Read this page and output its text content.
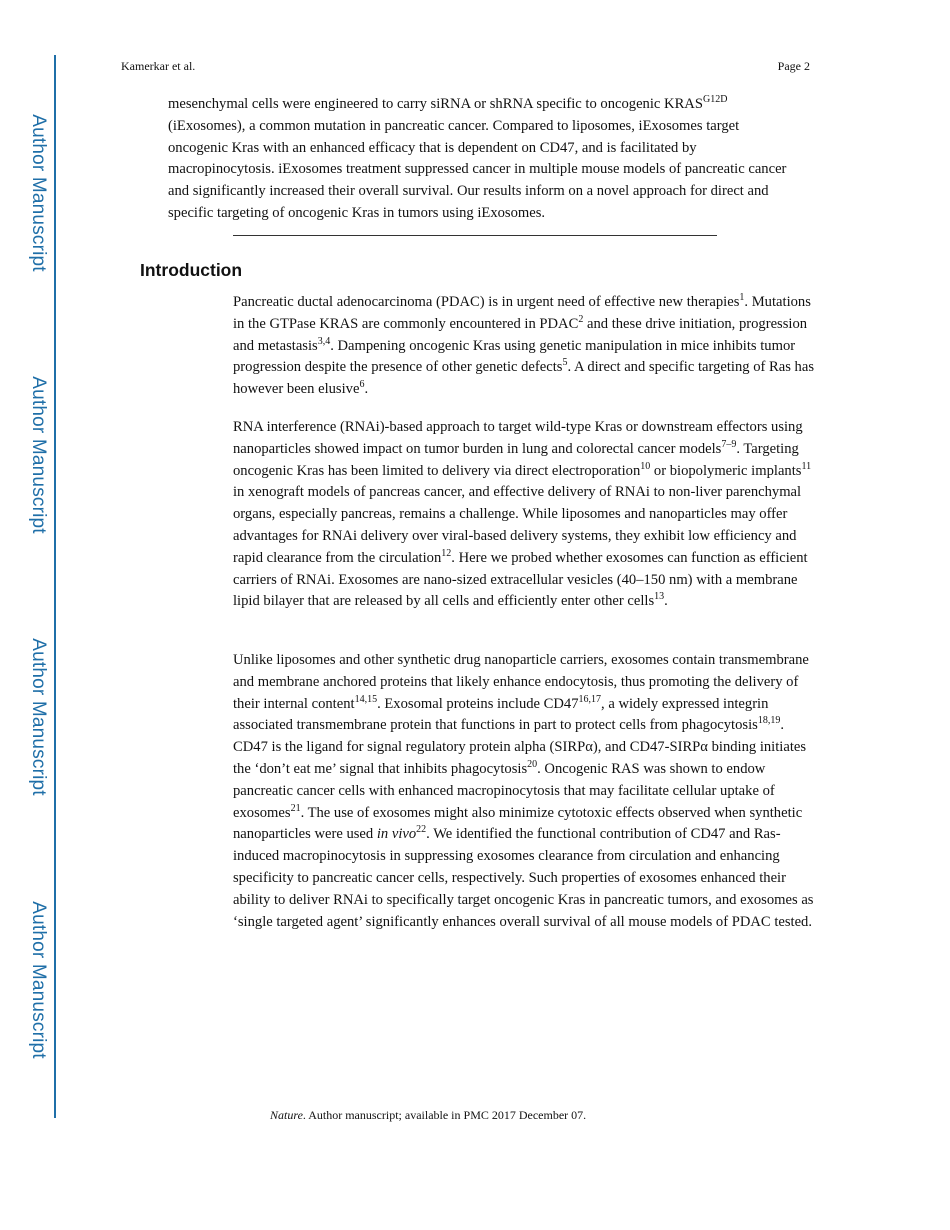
Author Manuscript
Author Manuscript
Author Manuscript
Author Manuscript
Kamerkar et al.	Page 2

mesenchymal cells were engineered to carry siRNA or shRNA specific to oncogenic $KRAS^{G12D}$ (iExosomes), a common mutation in pancreatic cancer. Compared to liposomes, iExosomes target oncogenic Kras with an enhanced efficacy that is dependent on CD47, and is facilitated by macropinocytosis. iExosomes treatment suppressed cancer in multiple mouse models of pancreatic cancer and significantly increased their overall survival. Our results inform on a novel approach for direct and specific targeting of oncogenic Kras in tumors using iExosomes.

Introduction

Pancreatic ductal adenocarcinoma (PDAC) is in urgent need of effective new therapies$^1$. Mutations in the GTPase KRAS are commonly encountered in PDAC$^2$ and these drive initiation, progression and metastasis$^{3,4}$. Dampening oncogenic Kras using genetic manipulation in mice inhibits tumor progression despite the presence of other genetic defects$^5$. A direct and specific targeting of Ras has however been elusive$^6$.

RNA interference (RNAi)-based approach to target wild-type Kras or downstream effectors using nanoparticles showed impact on tumor burden in lung and colorectal cancer models$^{7-9}$. Targeting oncogenic Kras has been limited to delivery via direct electroporation$^{10}$ or biopolymeric implants$^{11}$ in xenograft models of pancreas cancer, and effective delivery of RNAi to non-liver parenchymal organs, especially pancreas, remains a challenge. While liposomes and nanoparticles may offer advantages for RNAi delivery over viral-based delivery systems, they exhibit low efficiency and rapid clearance from the circulation$^{12}$. Here we probed whether exosomes can function as efficient carriers of RNAi. Exosomes are nano-sized extracellular vesicles (40–150 nm) with a membrane lipid bilayer that are released by all cells and efficiently enter other cells$^{13}$.

Unlike liposomes and other synthetic drug nanoparticle carriers, exosomes contain transmembrane and membrane anchored proteins that likely enhance endocytosis, thus promoting the delivery of their internal content$^{14,15}$. Exosomal proteins include CD47$^{16,17}$, a widely expressed integrin associated transmembrane protein that functions in part to protect cells from phagocytosis$^{18,19}$. CD47 is the ligand for signal regulatory protein alpha (SIRPα), and CD47-SIRPα binding initiates the ‘don’t eat me’ signal that inhibits phagocytosis$^{20}$. Oncogenic RAS was shown to endow pancreatic cancer cells with enhanced macropinocytosis that may facilitate cellular uptake of exosomes$^{21}$. The use of exosomes might also minimize cytotoxic effects observed when synthetic nanoparticles were used in vivo$^{22}$. We identified the functional contribution of CD47 and Ras-induced macropinocytosis in suppressing exosomes clearance from circulation and enhancing specificity to pancreatic cancer cells, respectively. Such properties of exosomes enhanced their ability to deliver RNAi to specifically target oncogenic Kras in pancreatic tumors, and exosomes as ‘single targeted agent’ significantly enhances overall survival of all mouse models of PDAC tested.

Nature. Author manuscript; available in PMC 2017 December 07.
